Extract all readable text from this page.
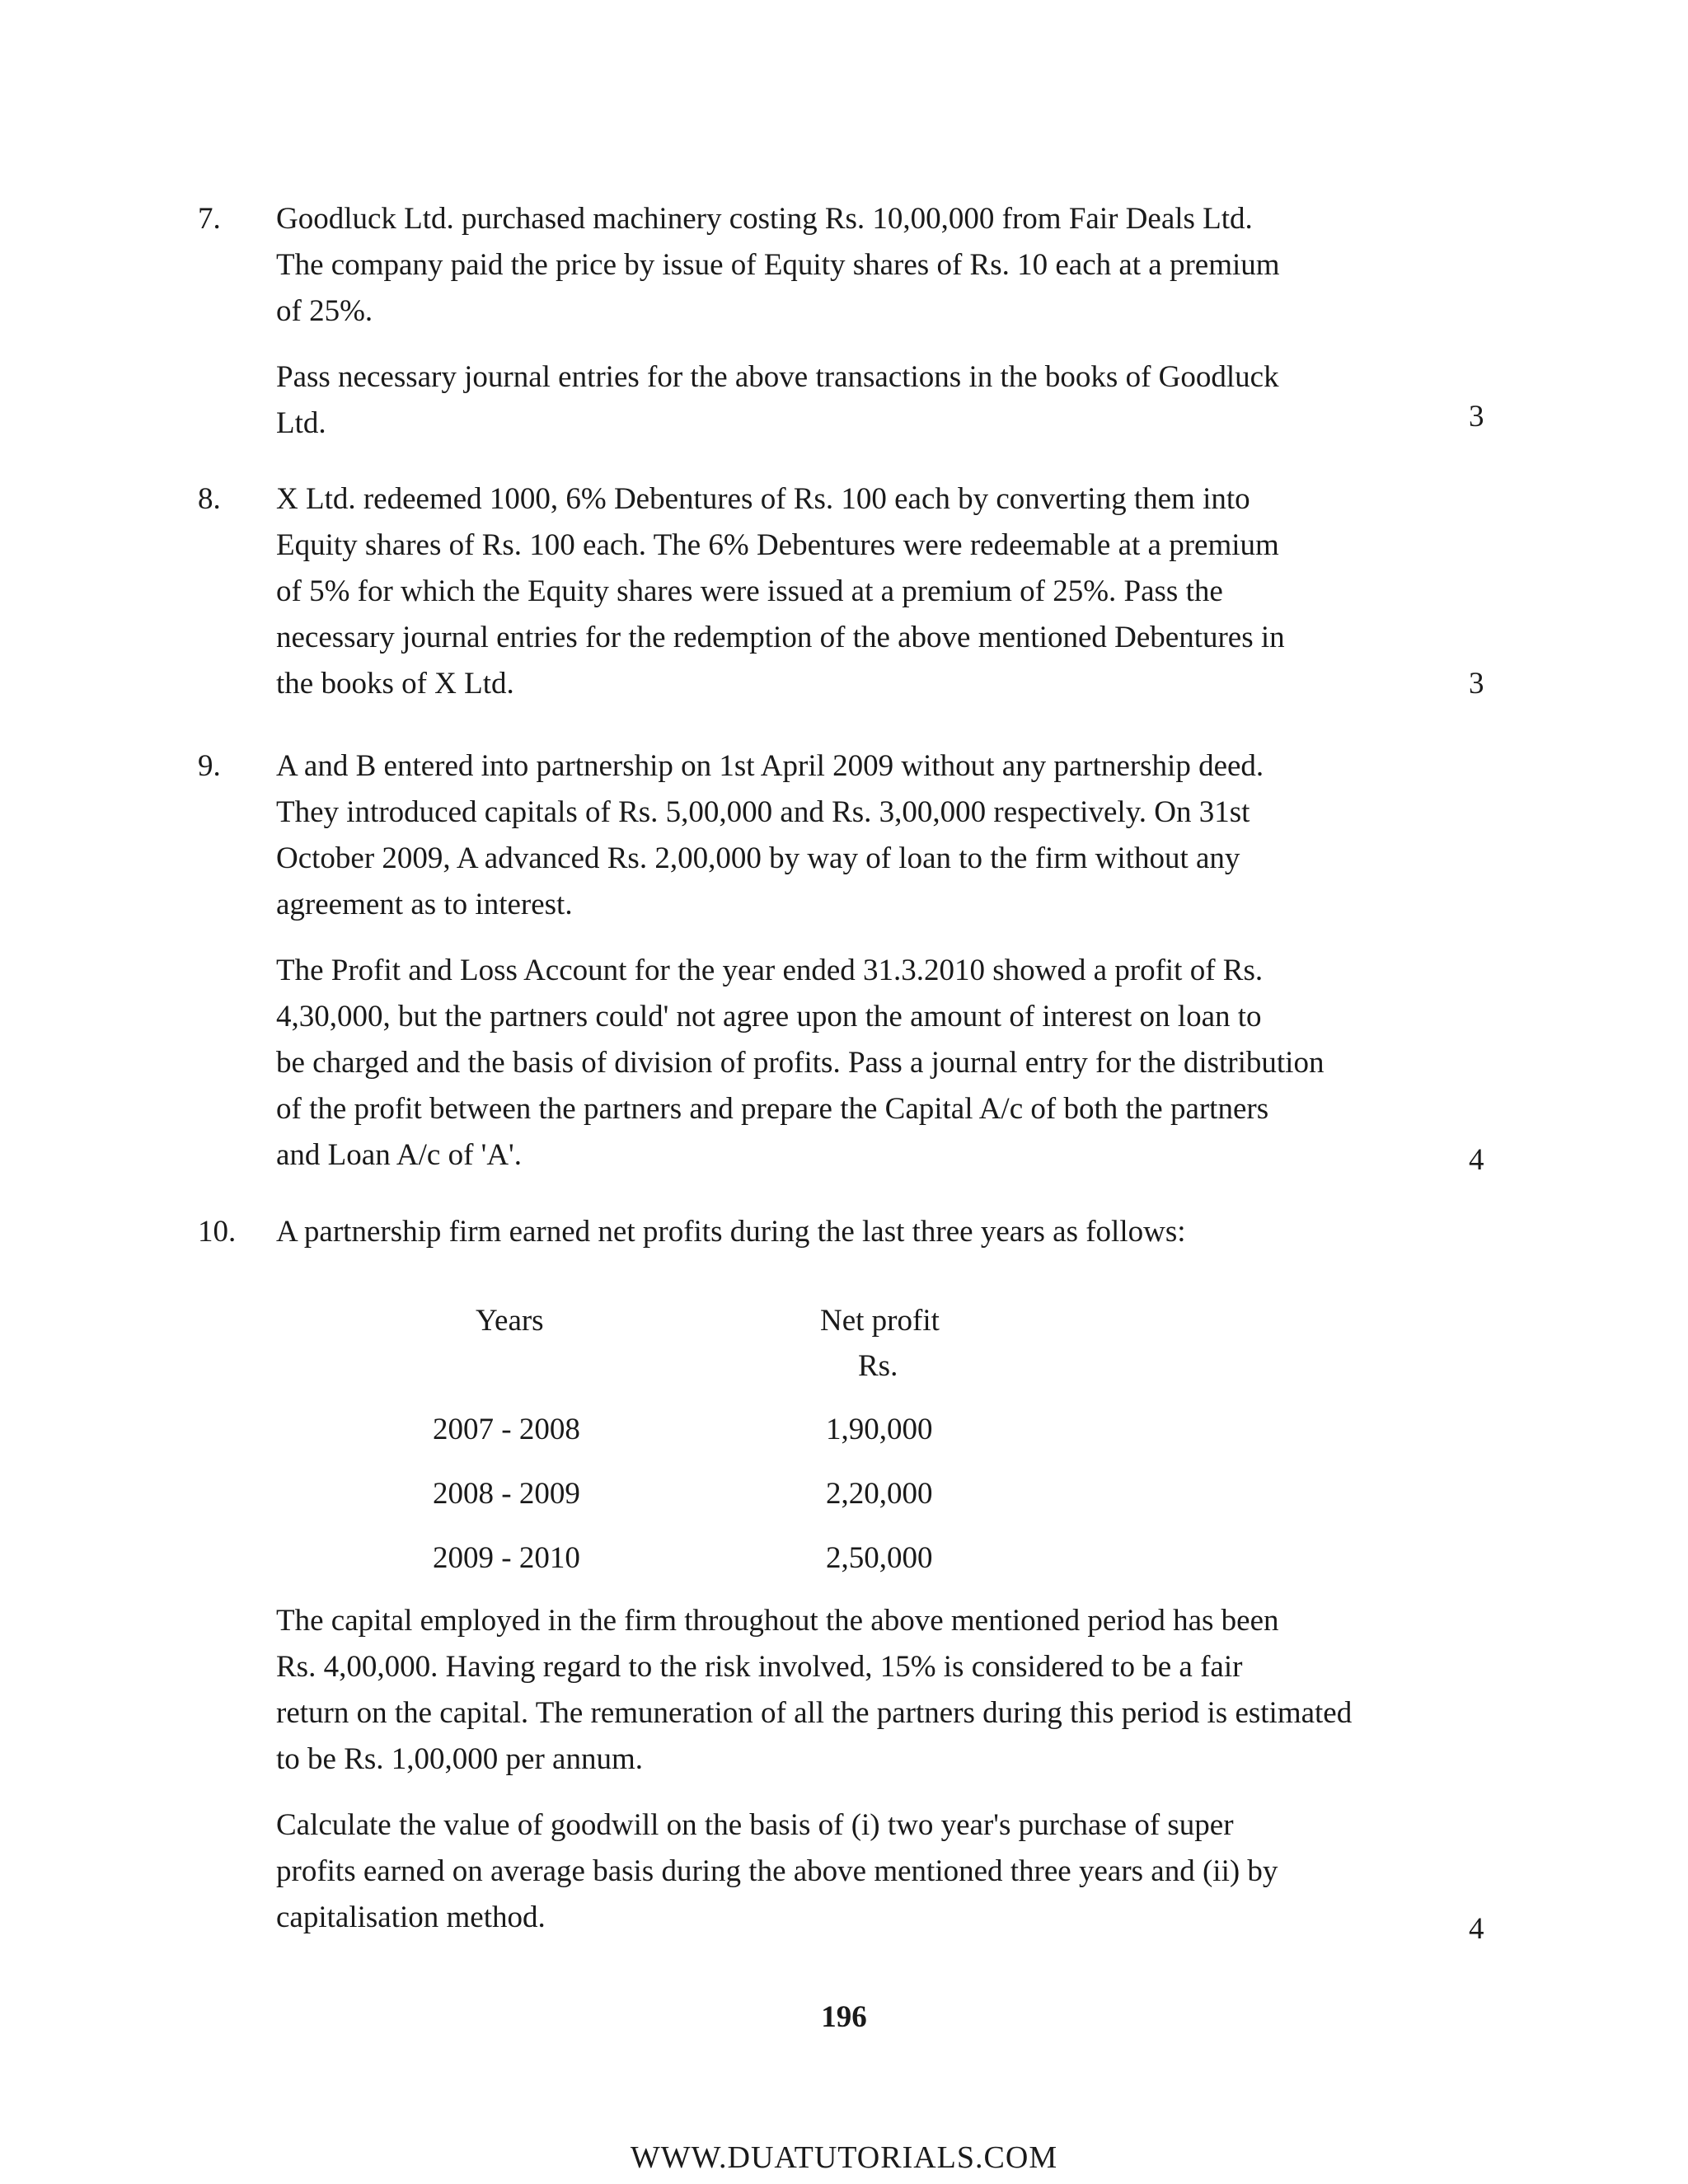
7. Goodluck Ltd. purchased machinery costing Rs. 10,00,000 from Fair Deals Ltd.
The company paid the price by issue of Equity shares of Rs. 10 each at a premium
of 25%.
Pass necessary journal entries for the above transactions in the books of Goodluck
Ltd.	3
8. X Ltd. redeemed 1000, 6% Debentures of Rs. 100 each by converting them into
Equity shares of Rs. 100 each. The 6% Debentures were redeemable at a premium
of 5% for which the Equity shares were issued at a premium of 25%. Pass the
necessary journal entries for the redemption of the above mentioned Debentures in
the books of X Ltd.	3
9. A and B entered into partnership on 1st April 2009 without any partnership deed.
They introduced capitals of Rs. 5,00,000 and Rs. 3,00,000 respectively. On 31st
October 2009, A advanced Rs. 2,00,000 by way of loan to the firm without any
agreement as to interest.
The Profit and Loss Account for the year ended 31.3.2010 showed a profit of Rs.
4,30,000, but the partners could' not agree upon the amount of interest on loan to
be charged and the basis of division of profits. Pass a journal entry for the distribution
of the profit between the partners and prepare the Capital A/c of both the partners
and Loan A/c of 'A'.	4
10. A partnership firm earned net profits during the last three years as follows:
Years	Net profit
Rs.
2007 - 2008	1,90,000
2008 - 2009	2,20,000
2009 - 2010	2,50,000
The capital employed in the firm throughout the above mentioned period has been
Rs. 4,00,000. Having regard to the risk involved, 15% is considered to be a fair
return on the capital. The remuneration of all the partners during this period is estimated
to be Rs. 1,00,000 per annum.
Calculate the value of goodwill on the basis of (i) two year's purchase of super
profits earned on average basis during the above mentioned three years and (ii) by
capitalisation method.	4
196
WWW.DUATUTORIALS.COM
